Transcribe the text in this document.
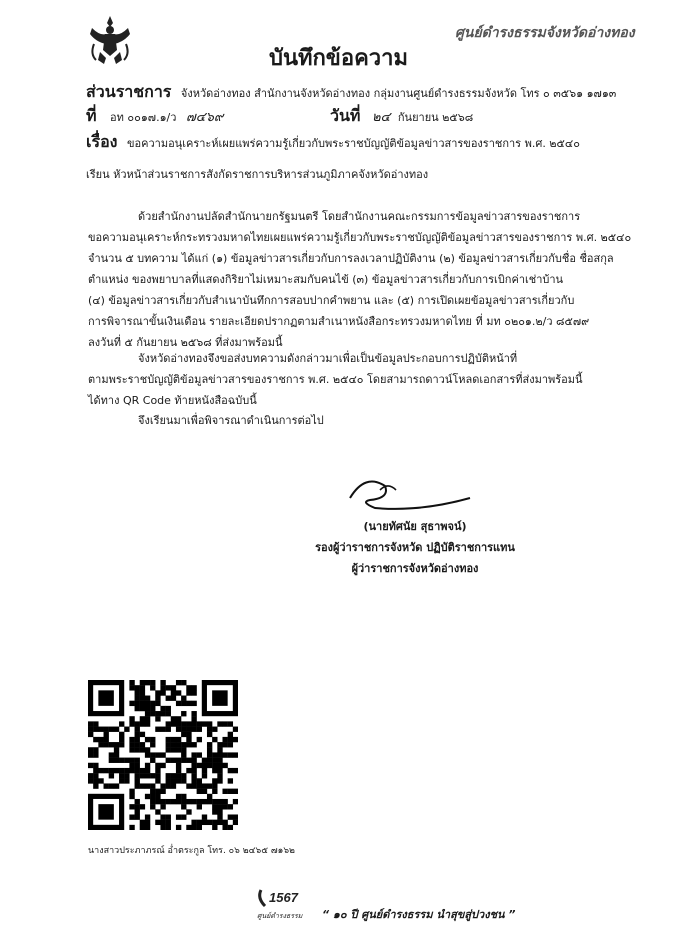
ศูนย์ดำรงธรรมจังหวัดอ่างทอง
บันทึกข้อความ
ส่วนราชการ จังหวัดอ่างทอง สำนักงานจังหวัดอ่างทอง กลุ่มงานศูนย์ดำรงธรรมจังหวัด โทร ๐ ๓๕๖๑ ๑๗๑๓
ที่ อท ๐๐๑๗.๑/ว ๗๔๖๙	วันที่ ๒๔ กันยายน ๒๕๖๘
เรื่อง ขอความอนุเคราะห์เผยแพร่ความรู้เกี่ยวกับพระราชบัญญัติข้อมูลข่าวสารของราชการ พ.ศ. ๒๕๔๐
เรียน หัวหน้าส่วนราชการสังกัดราชการบริหารส่วนภูมิภาคจังหวัดอ่างทอง
ด้วยสำนักงานปลัดสำนักนายกรัฐมนตรี โดยสำนักงานคณะกรรมการข้อมูลข่าวสารของราชการ
ขอความอนุเคราะห์กระทรวงมหาดไทยเผยแพร่ความรู้เกี่ยวกับพระราชบัญญัติข้อมูลข่าวสารของราชการ พ.ศ. ๒๕๔๐
จำนวน ๕ บทความ ได้แก่ (๑) ข้อมูลข่าวสารเกี่ยวกับการลงเวลาปฏิบัติงาน (๒) ข้อมูลข่าวสารเกี่ยวกับชื่อ ชื่อสกุล
ตำแหน่ง ของพยาบาลที่แสดงกิริยาไม่เหมาะสมกับคนไข้ (๓) ข้อมูลข่าวสารเกี่ยวกับการเบิกค่าเช่าบ้าน
(๔) ข้อมูลข่าวสารเกี่ยวกับสำเนาบันทึกการสอบปากคำพยาน และ (๕) การเปิดเผยข้อมูลข่าวสารเกี่ยวกับ
การพิจารณาขั้นเงินเดือน รายละเอียดปรากฏตามสำเนาหนังสือกระทรวงมหาดไทย ที่ มท ๐๒๐๑.๒/ว ๘๕๗๙
ลงวันที่ ๕ กันยายน ๒๕๖๘ ที่ส่งมาพร้อมนี้
จังหวัดอ่างทองจึงขอส่งบทความดังกล่าวมาเพื่อเป็นข้อมูลประกอบการปฏิบัติหน้าที่
ตามพระราชบัญญัติข้อมูลข่าวสารของราชการ พ.ศ. ๒๕๔๐ โดยสามารถดาวน์โหลดเอกสารที่ส่งมาพร้อมนี้
ได้ทาง QR Code ท้ายหนังสือฉบับนี้
จึงเรียนมาเพื่อพิจารณาดำเนินการต่อไป
(นายทัศนัย สุธาพจน์)
รองผู้ว่าราชการจังหวัด ปฏิบัติราชการแทน
ผู้ว่าราชการจังหวัดอ่างทอง
นางสาวประภาภรณ์ อ่ำตระกูล โทร. ๐๖ ๒๔๖๕ ๗๑๖๒
1567
ศูนย์ดำรงธรรม “ ๑๐ ปี ศูนย์ดำรงธรรม นำสุขสู่ปวงชน ”
